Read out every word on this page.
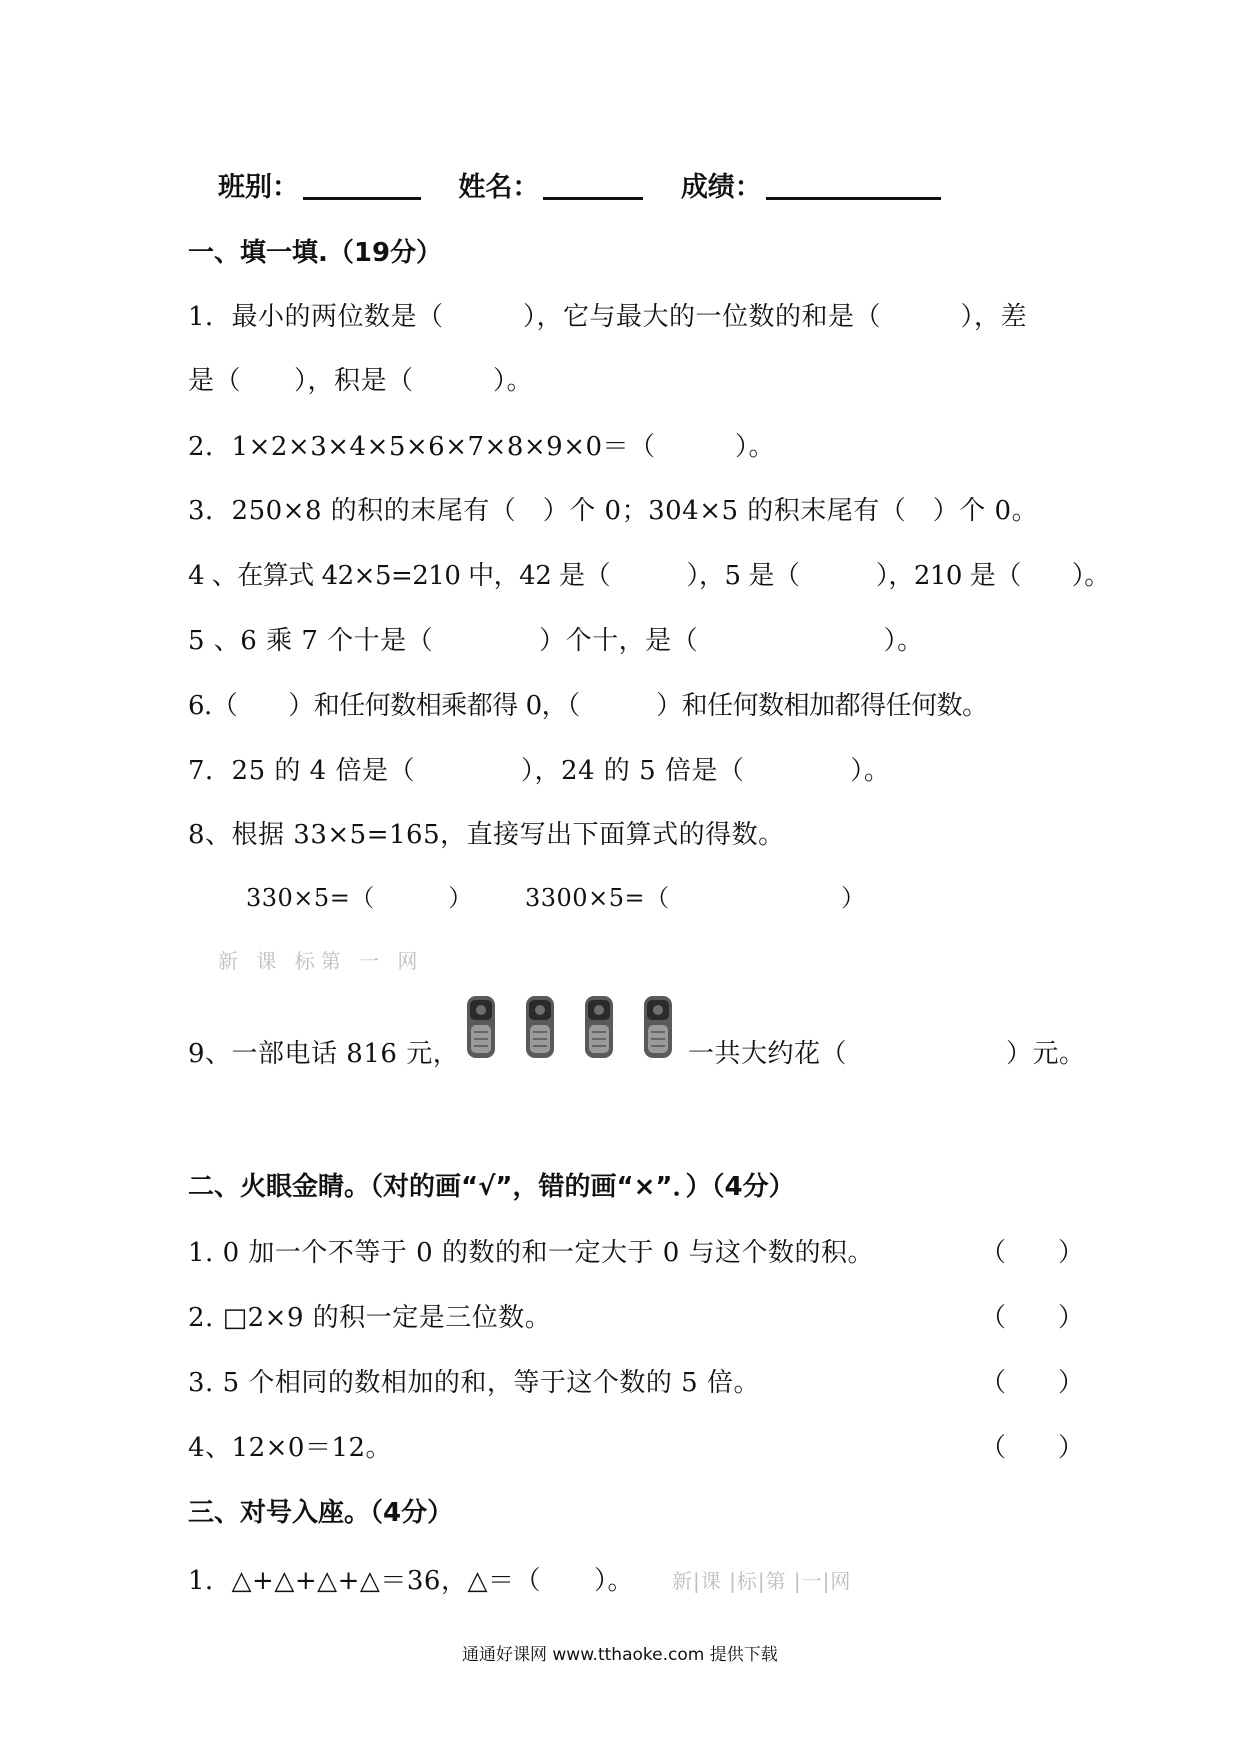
班别：	姓名：	成绩：
一、填一填.（19分）
1．最小的两位数是（　　　），它与最大的一位数的和是（　　　），差
是（　　），积是（　　　）。
2．1×2×3×4×5×6×7×8×9×0＝（　　　）。
3．250×8 的积的末尾有（　）个 0；304×5 的积末尾有（　）个 0。
4 、在算式 42×5=210 中，42 是（　　　），5 是（　　　），210 是（　　）。
5 、6 乘 7 个十是（　　　　）个十，是（　　　　　　　）。
6.（　　）和任何数相乘都得 0，（　　　）和任何数相加都得任何数。
7．25 的 4 倍是（　　　　），24 的 5 倍是（　　　　）。
8、根据 33×5=165，直接写出下面算式的得数。
330×5=（　　　） 3300×5=（　　　　　　　）
新 课 标第 一 网
9、一部电话 816 元，	一共大约花（　　　　　　）元。
二、火眼金睛。（对的画“√”，错的画“×”．）（4分）
1. 0 加一个不等于 0 的数的和一定大于 0 与这个数的积。	（　　）
2. □2×9 的积一定是三位数。	（　　）
3. 5 个相同的数相加的和，等于这个数的 5 倍。	（　　）
4、12×0＝12。	（　　）
三、对号入座。（4分）
1．△+△+△+△＝36，△＝（　　）。 新|课 |标|第 |一|网
通通好课网 www.tthaoke.com 提供下载
